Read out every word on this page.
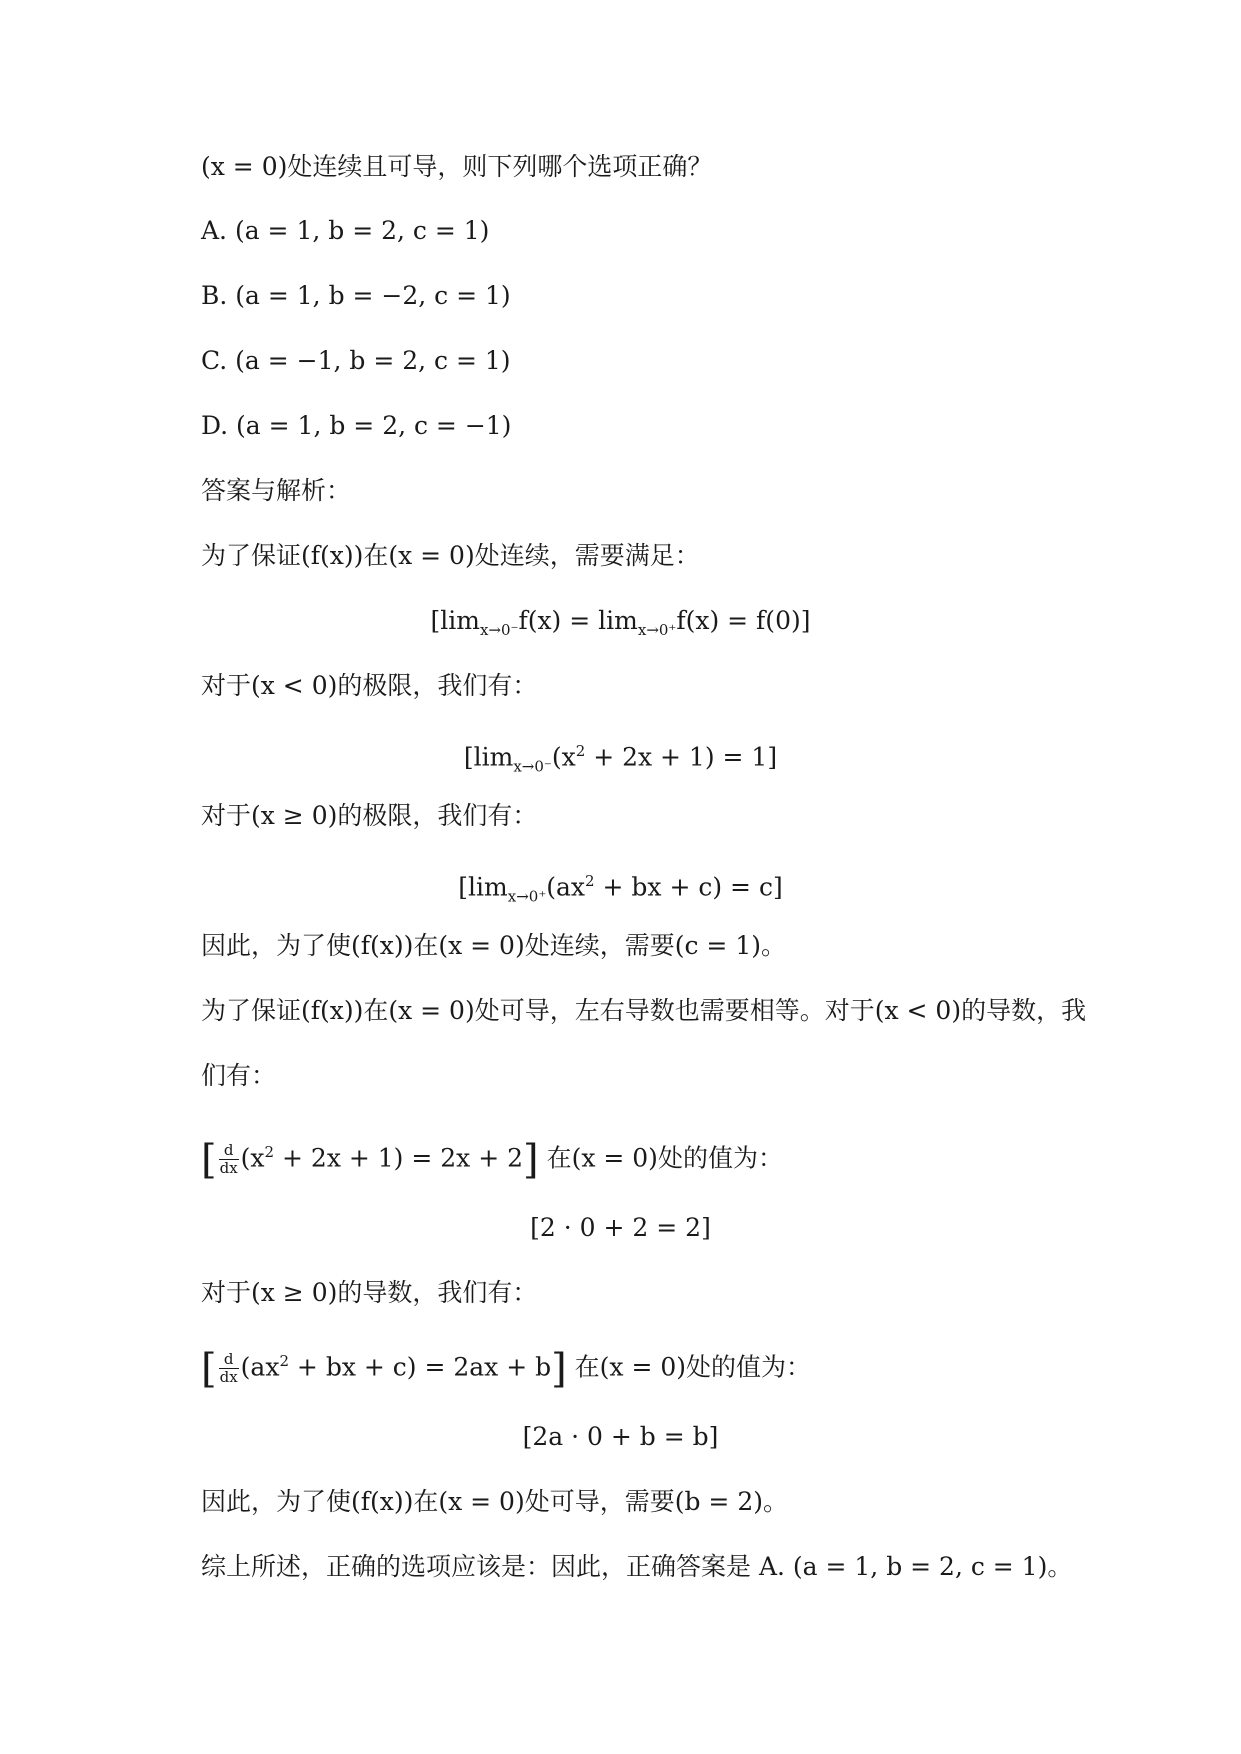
(x = 0)处连续且可导，则下列哪个选项正确？
A. (a = 1, b = 2, c = 1)
B. (a = 1, b = −2, c = 1)
C. (a = −1, b = 2, c = 1)
D. (a = 1, b = 2, c = −1)
答案与解析：
为了保证(f(x))在(x = 0)处连续，需要满足：
$[\lim_{x\to 0^-}f(x) = \lim_{x\to 0^+}f(x) = f(0)]$
对于(x < 0)的极限，我们有：
$[\lim_{x\to 0^-}(x^2 + 2x + 1) = 1]$
对于(x ≥ 0)的极限，我们有：
[$\lim_{x\to 0^+}(ax^2$ + bx + c) = c]
因此，为了使(f(x))在(x = 0)处连续，需要(c = 1)。
为了保证(f(x))在(x = 0)处可导，左右导数也需要相等。对于(x < 0)的导数，我
们有：
[ $\frac{d}{dx} (x^2 + 2x + 1) = 2x + 2$] 在(x = 0)处的值为：
[2 · 0 + 2 = 2]
对于(x ≥ 0)的导数，我们有：
[ $\frac{d}{dx} (ax^2$ + bx + c) = 2ax + b] 在(x = 0)处的值为：
[2a · 0 + b = b]
因此，为了使(f(x))在(x = 0)处可导，需要(b = 2)。
综上所述，正确的选项应该是：因此，正确答案是 A. (a = 1, b = 2, c = 1)。
